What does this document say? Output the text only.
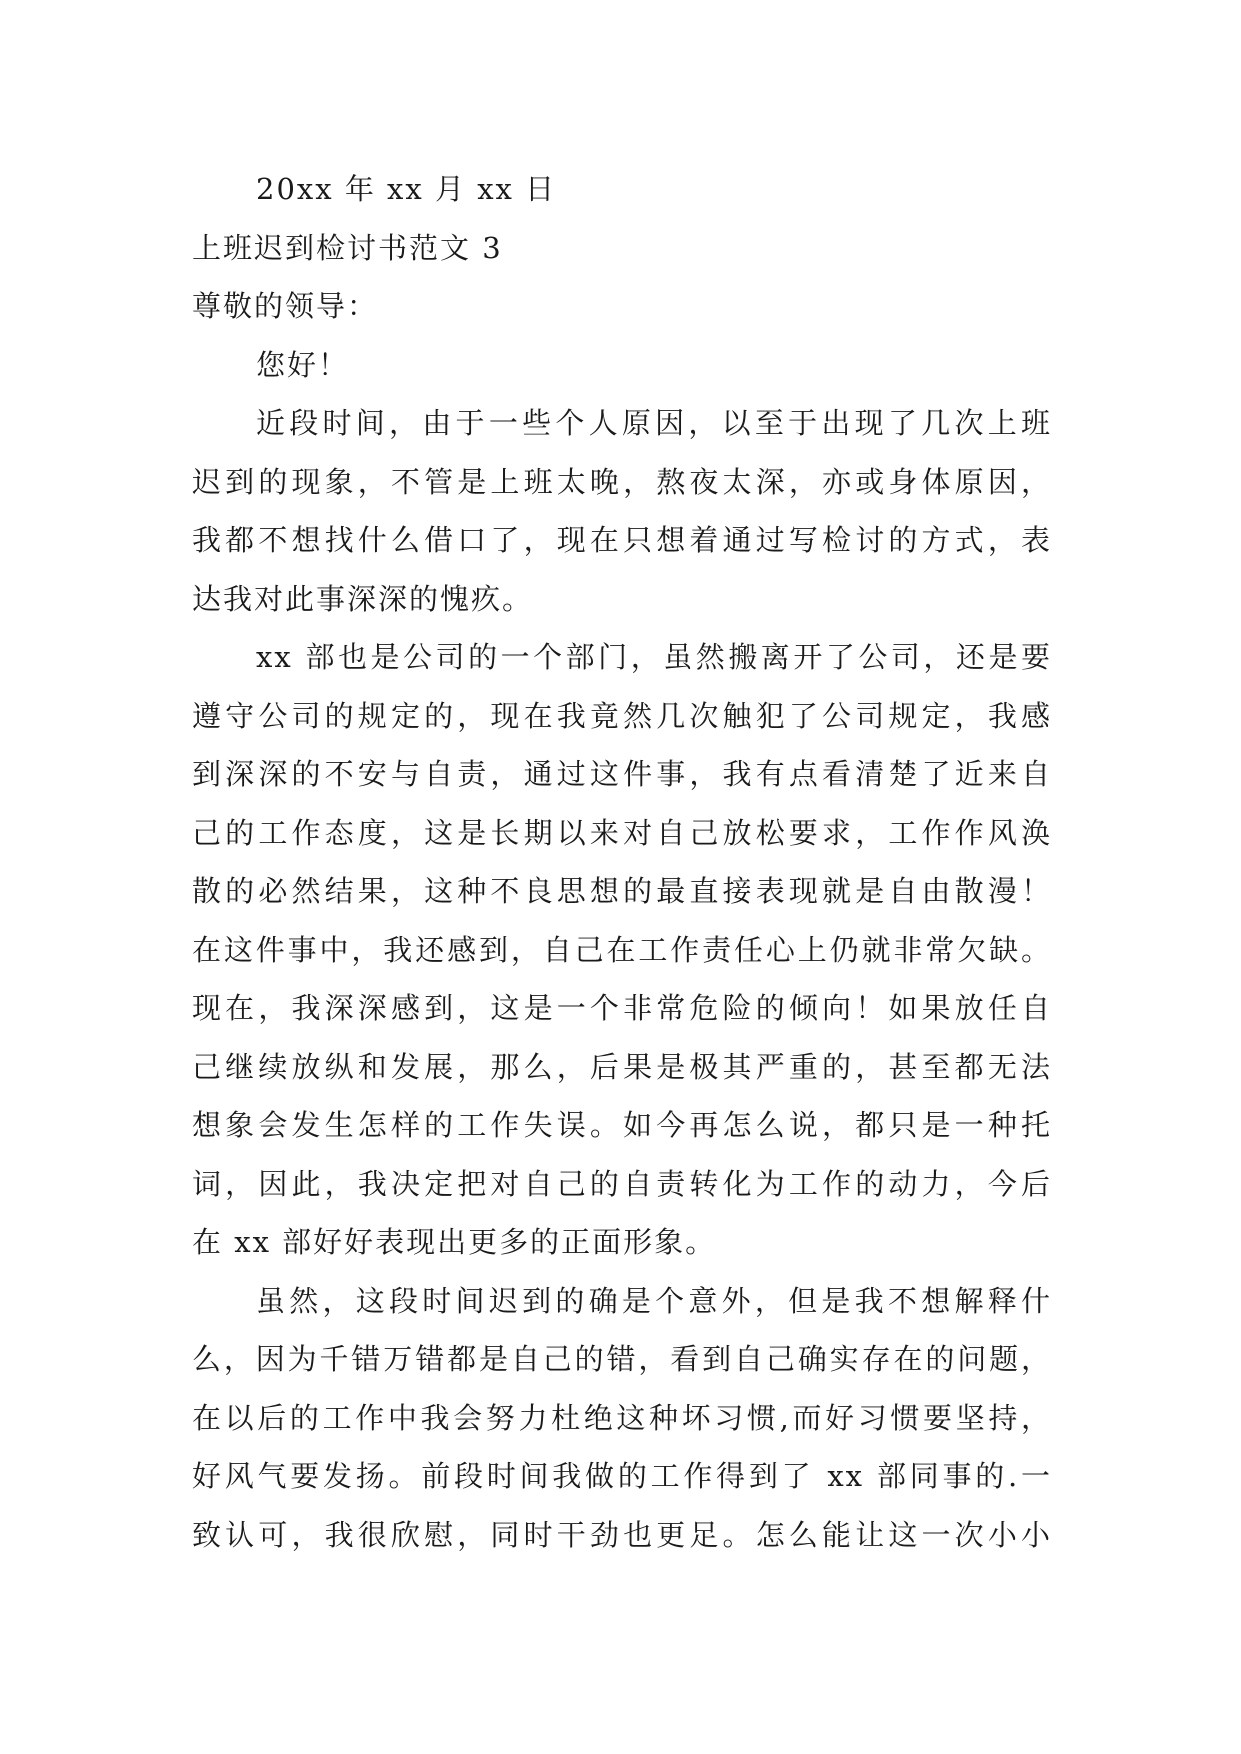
20xx 年 xx 月 xx 日
上班迟到检讨书范文 3
尊敬的领导：
您好！
近段时间，由于一些个人原因，以至于出现了几次上班
迟到的现象，不管是上班太晚，熬夜太深，亦或身体原因，
我都不想找什么借口了，现在只想着通过写检讨的方式，表
达我对此事深深的愧疚。
xx 部也是公司的一个部门，虽然搬离开了公司，还是要
遵守公司的规定的，现在我竟然几次触犯了公司规定，我感
到深深的不安与自责，通过这件事，我有点看清楚了近来自
己的工作态度，这是长期以来对自己放松要求，工作作风涣
散的必然结果，这种不良思想的最直接表现就是自由散漫！
在这件事中，我还感到，自己在工作责任心上仍就非常欠缺。
现在，我深深感到，这是一个非常危险的倾向！如果放任自
己继续放纵和发展，那么，后果是极其严重的，甚至都无法
想象会发生怎样的工作失误。如今再怎么说，都只是一种托
词，因此，我决定把对自己的自责转化为工作的动力，今后
在 xx 部好好表现出更多的正面形象。
虽然，这段时间迟到的确是个意外，但是我不想解释什
么，因为千错万错都是自己的错，看到自己确实存在的问题，
在以后的工作中我会努力杜绝这种坏习惯,而好习惯要坚持，
好风气要发扬。前段时间我做的工作得到了 xx 部同事的.一
致认可，我很欣慰，同时干劲也更足。怎么能让这一次小小
